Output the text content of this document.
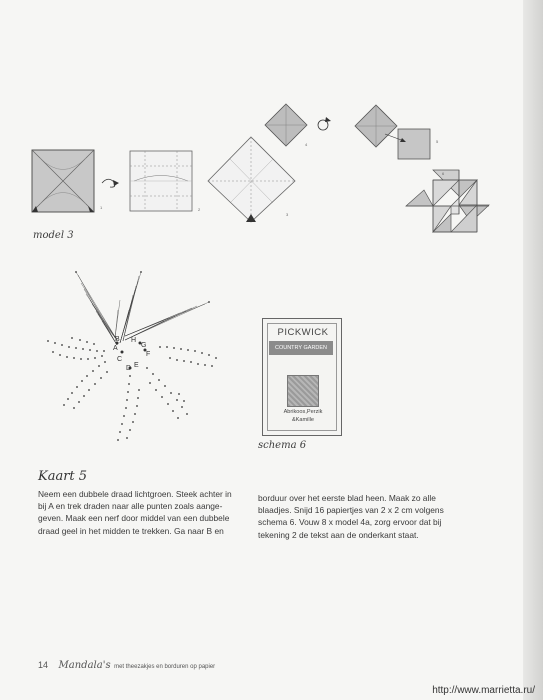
1	2
3
4
5
6
model 3
A
B
C
D E
F
G
H
PICKWICK
COUNTRY GARDEN
Abrikoos,Perzik
&Kamille
schema 6
Kaart 5
Neem een dubbele draad lichtgroen. Steek achter in
bij A en trek draden naar alle punten zoals aange-
geven. Maak een nerf door middel van een dubbele
draad geel in het midden te trekken. Ga naar B en
borduur over het eerste blad heen. Maak zo alle
blaadjes. Snijd 16 papiertjes van 2 x 2 cm volgens
schema 6. Vouw 8 x model 4a, zorg ervoor dat bij
tekening 2 de tekst aan de onderkant staat.
14 Mandala's met theezakjes en borduren op papier
http://www.marrietta.ru/
